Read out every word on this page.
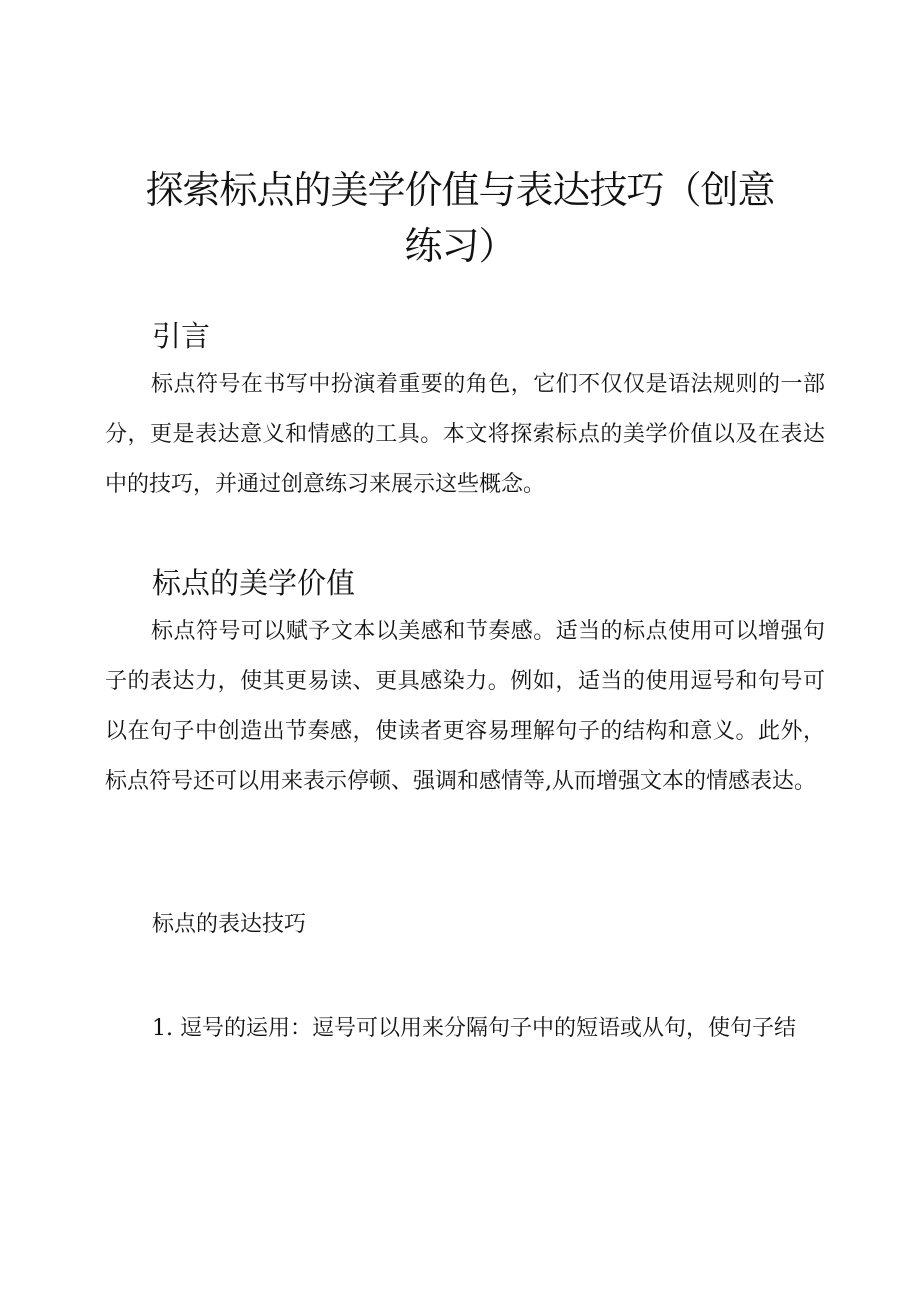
探索标点的美学价值与表达技巧（创意练习）
引言

标点符号在书写中扮演着重要的角色，它们不仅仅是语法规则的一部分，更是表达意义和情感的工具。本文将探索标点的美学价值以及在表达中的技巧，并通过创意练习来展示这些概念。

标点的美学价值

标点符号可以赋予文本以美感和节奏感。适当的标点使用可以增强句子的表达力，使其更易读、更具感染力。例如，适当的使用逗号和句号可以在句子中创造出节奏感，使读者更容易理解句子的结构和意义。此外，标点符号还可以用来表示停顿、强调和感情等,从而增强文本的情感表达。

标点的表达技巧

1. 逗号的运用：逗号可以用来分隔句子中的短语或从句，使句子结
